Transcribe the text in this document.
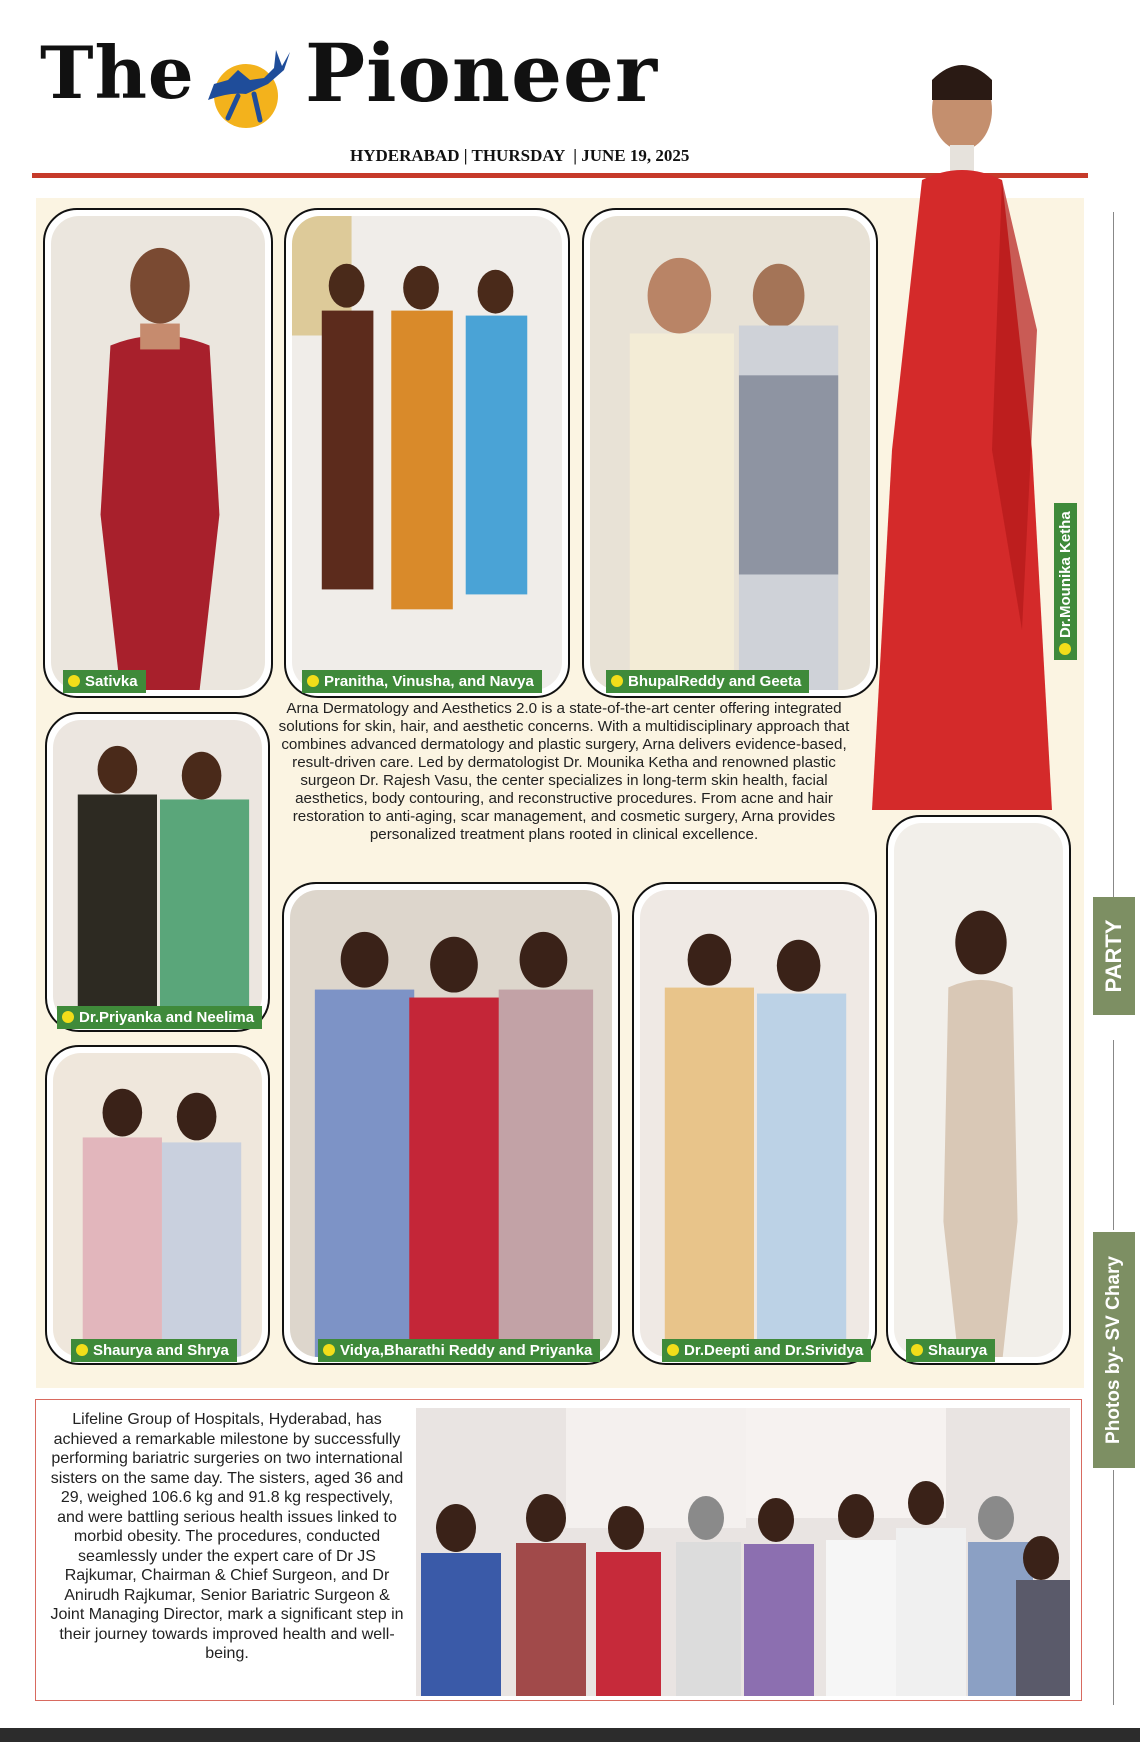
The Pioneer
HYDERABAD | THURSDAY  | JUNE 19, 2025
Sativka	Pranitha, Vinusha, and Navya	BhupalReddy and Geeta
Dr.Mounika Ketha
Arna Dermatology and Aesthetics 2.0 is a state-of-the-art center offering integrated solutions for skin, hair, and aesthetic concerns. With a multidisciplinary approach that combines advanced dermatology and plastic surgery, Arna delivers evidence-based, result-driven care. Led by dermatologist Dr. Mounika Ketha and renowned plastic surgeon Dr. Rajesh Vasu, the center specializes in long-term skin health, facial aesthetics, body contouring, and reconstructive procedures. From acne and hair restoration to anti-aging, scar management, and cosmetic surgery, Arna provides personalized treatment plans rooted in clinical excellence.
Dr.Priyanka and Neelima
Shaurya and Shrya	Vidya,Bharathi Reddy and Priyanka	Dr.Deepti and Dr.Srividya	Shaurya
PARTY
Photos by- SV Chary
Lifeline Group of Hospitals, Hyderabad, has achieved a remarkable milestone by successfully performing bariatric surgeries on two international sisters on the same day. The sisters, aged 36 and 29, weighed 106.6 kg and 91.8 kg respectively, and were battling serious health issues linked to morbid obesity. The procedures, conducted seamlessly under the expert care of Dr JS Rajkumar, Chairman & Chief Surgeon, and Dr Anirudh Rajkumar, Senior Bariatric Surgeon & Joint Managing Director, mark a significant step in their journey towards improved health and well-being.
